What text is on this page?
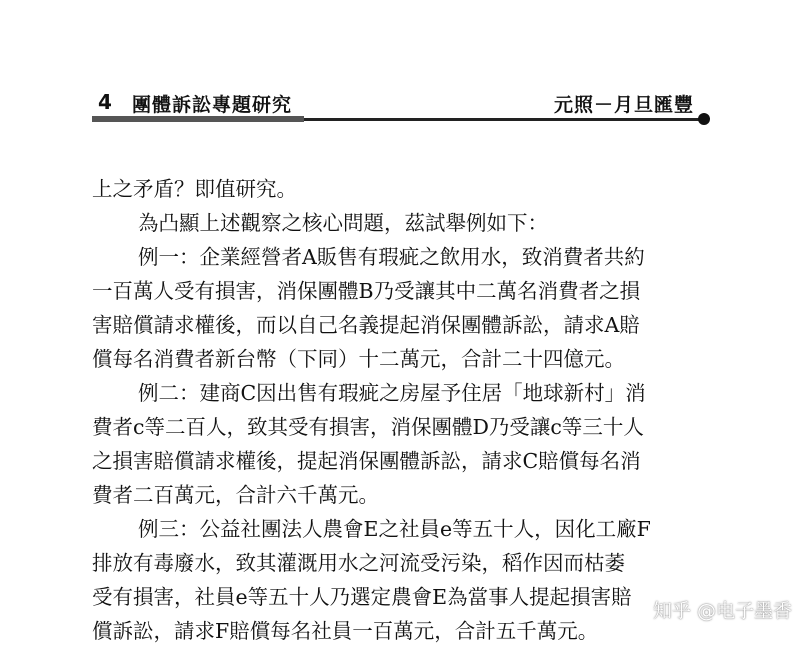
4 團體訴訟專題研究	元照－月旦匯豐
上之矛盾？即值研究。
為凸顯上述觀察之核心問題，茲試舉例如下：
例一：企業經營者A販售有瑕疵之飲用水，致消費者共約
一百萬人受有損害，消保團體B乃受讓其中二萬名消費者之損
害賠償請求權後，而以自己名義提起消保團體訴訟，請求A賠
償每名消費者新台幣（下同）十二萬元，合計二十四億元。
例二：建商C因出售有瑕疵之房屋予住居「地球新村」消
費者c等二百人，致其受有損害，消保團體D乃受讓c等三十人
之損害賠償請求權後，提起消保團體訴訟，請求C賠償每名消
費者二百萬元，合計六千萬元。
例三：公益社團法人農會E之社員e等五十人，因化工廠F
排放有毒廢水，致其灌溉用水之河流受污染，稻作因而枯萎
受有損害，社員e等五十人乃選定農會E為當事人提起損害賠
償訴訟，請求F賠償每名社員一百萬元，合計五千萬元。
知乎 @电子墨香
